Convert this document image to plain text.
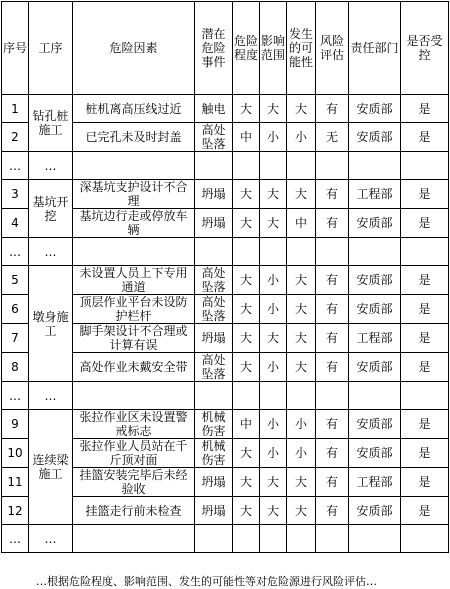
序号	工序	危险因素	潜在危险事件	危险程度	影响范围	发生的可能性	风险评估	责任部门	是否受控
1	钻孔桩施工	桩机离高压线过近	触电	大	大	大	有	安质部	是
2		已完孔未及时封盖	高处坠落	中	小	小	无	安质部	是
…	…								
3	基坑开挖	深基坑支护设计不合理	坍塌	大	大	大	有	工程部	是
4		基坑边行走或停放车辆	坍塌	大	大	中	有	安质部	是
…	…								
5	墩身施工	未设置人员上下专用通道	高处坠落	大	小	大	有	安质部	是
6		顶层作业平台未设防护栏杆	高处坠落	大	小	大	有	安质部	是
7		脚手架设计不合理或计算有误	坍塌	大	大	大	有	工程部	是
8		高处作业未戴安全带	高处坠落	大	小	大	有	安质部	是
…	…								
9	连续梁施工	张拉作业区未设置警戒标志	机械伤害	中	小	小	有	安质部	是
10		张拉作业人员站在千斤顶对面	机械伤害	大	小	小	有	安质部	是
11		挂篮安装完毕后未经验收	坍塌	大	大	大	有	工程部	是
12		挂篮走行前未检查	坍塌	大	大	大	有	安质部	是
…	…								
…根据危险程度、影响范围、发生的可能性等对危险源进行风险评估…
